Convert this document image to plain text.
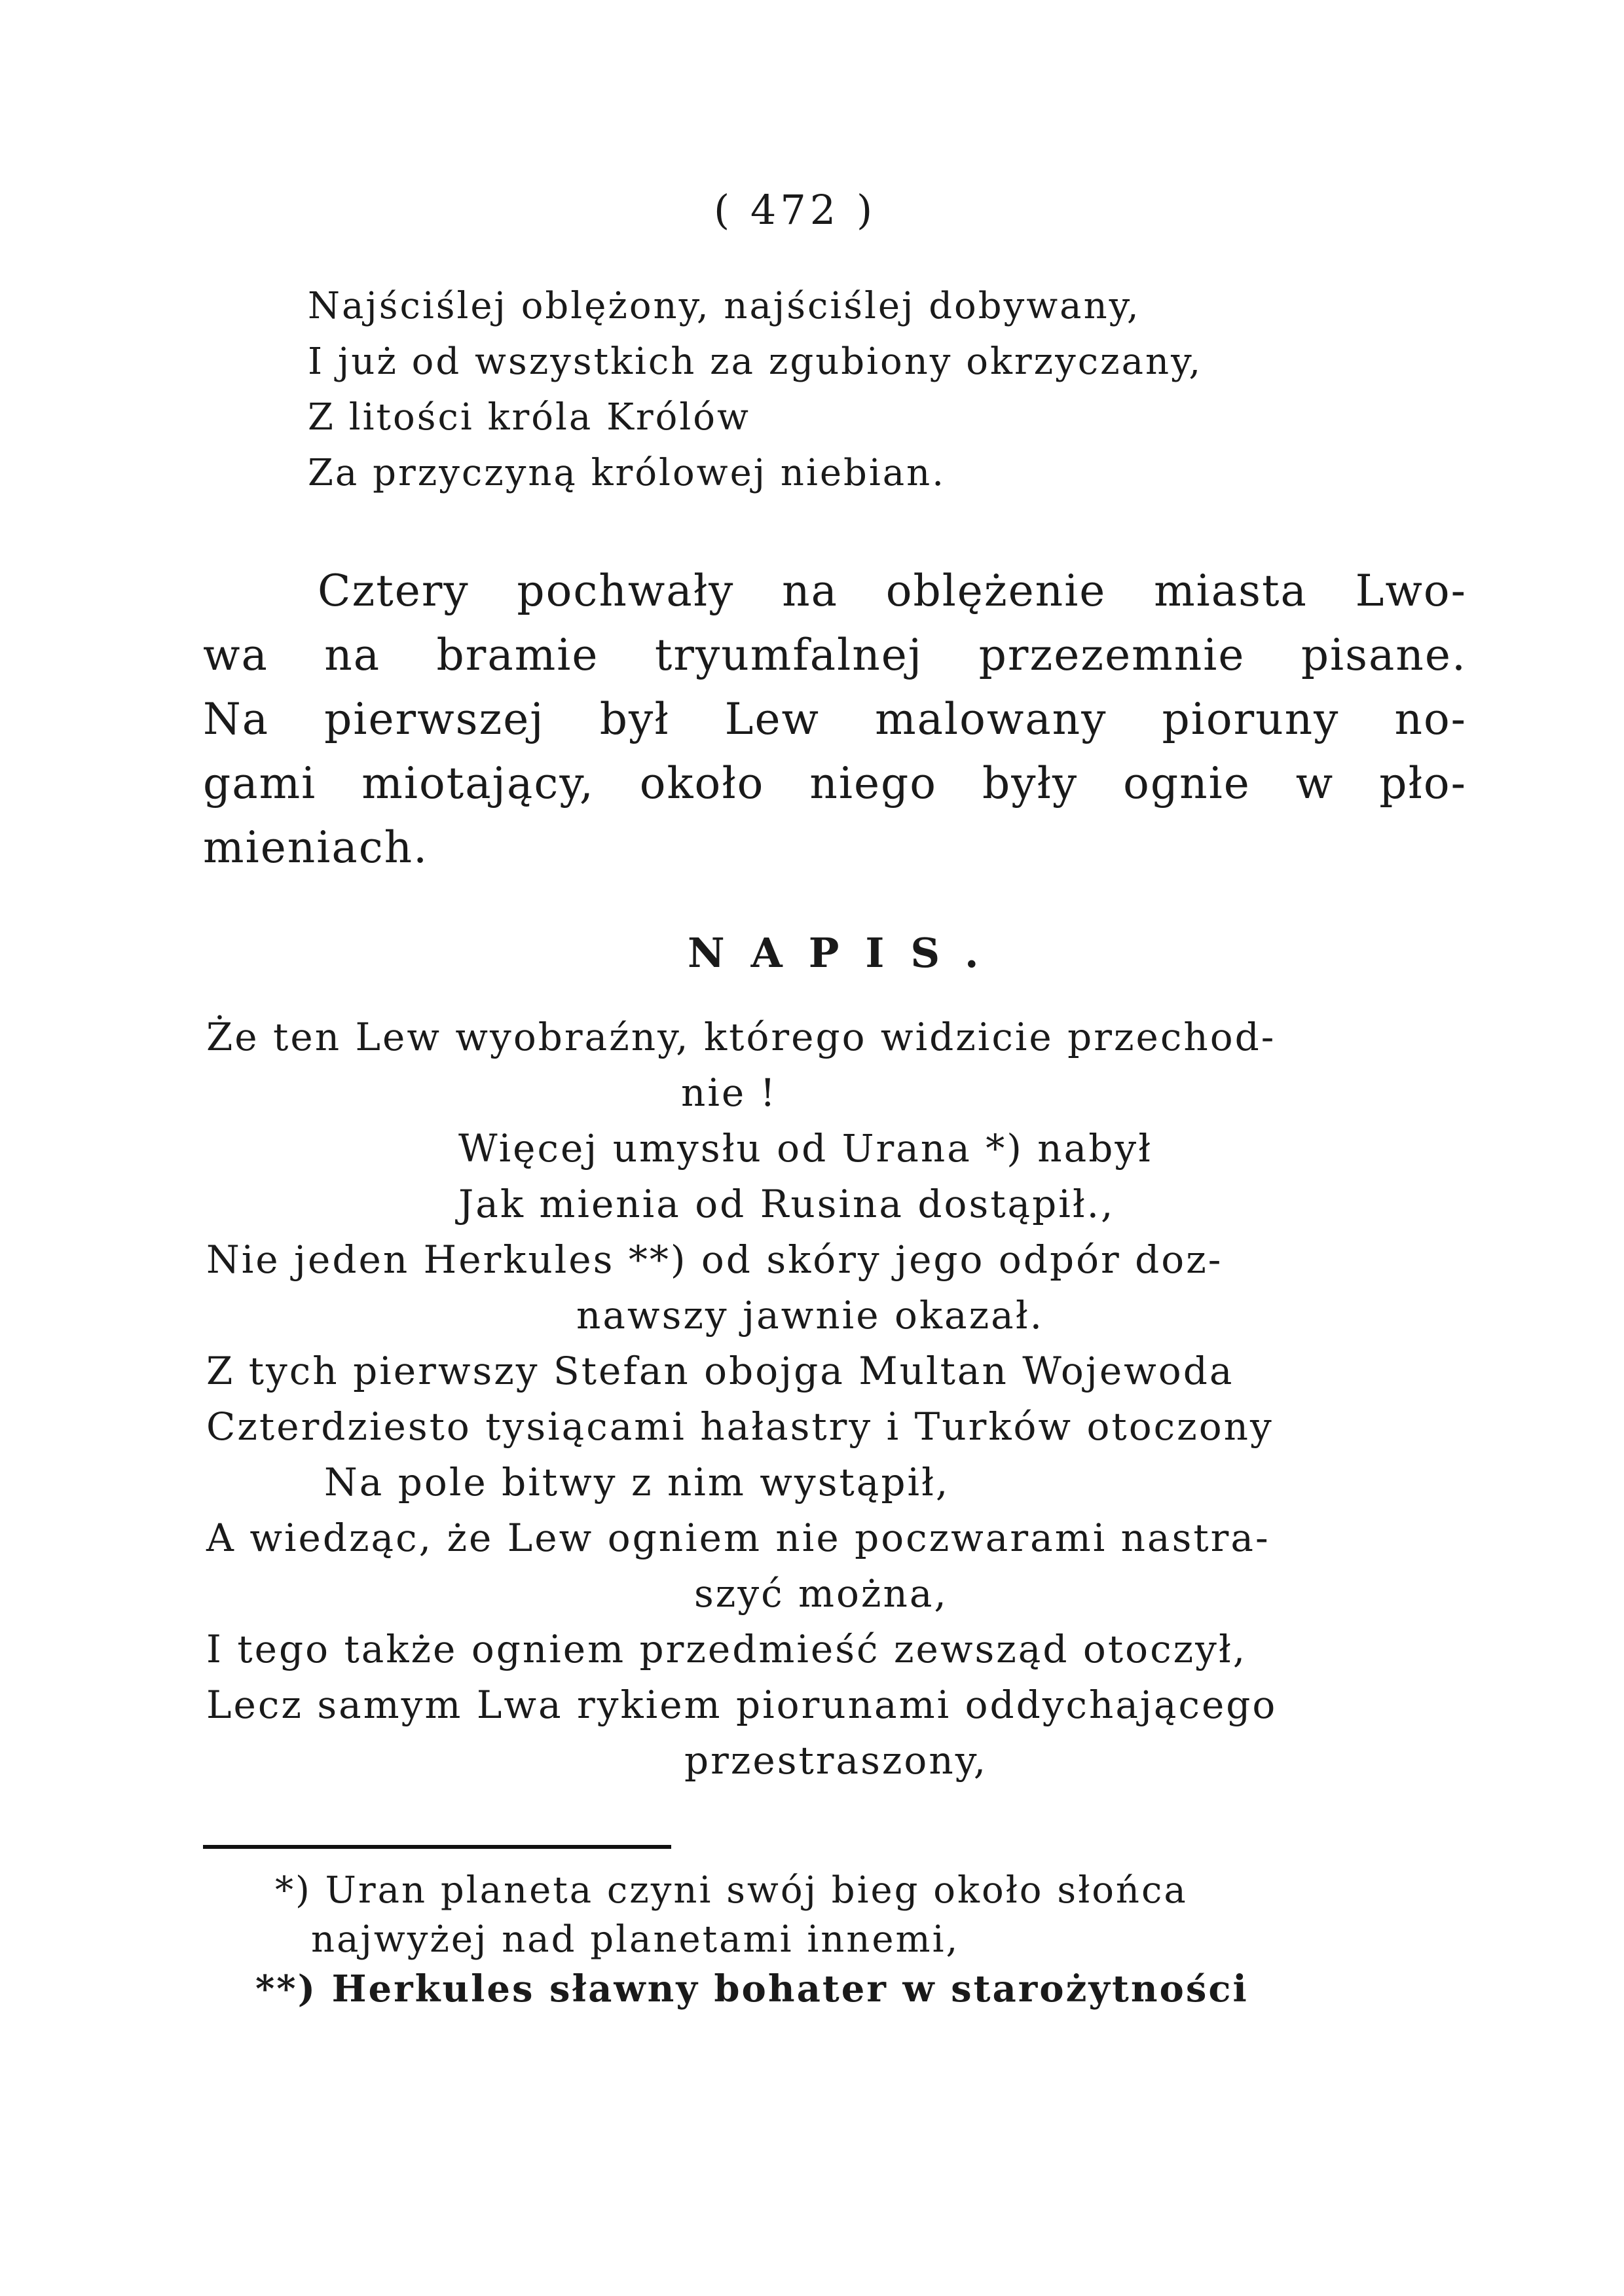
( 472 )
Najściślej oblężony, najściślej dobywany,
I już od wszystkich za zgubiony okrzyczany,
Z litości króla Królów
Za przyczyną królowej niebian.
Cztery pochwały na oblężenie miasta Lwo-
wa na bramie tryumfalnej przezemnie pisane.
Na pierwszej był Lew malowany pioruny no-
gami miotający, około niego były ognie w pło-
mieniach.
NAPIS.
Że ten Lew wyobraźny, którego widzicie przechod-
nie !
Więcej umysłu od Urana *) nabył
Jak mienia od Rusina dostąpił.,
Nie jeden Herkules **) od skóry jego odpór doz-
nawszy jawnie okazał.
Z tych pierwszy Stefan obojga Multan Wojewoda
Czterdziesto tysiącami hałastry i Turków otoczony
Na pole bitwy z nim wystąpił,
A wiedząc, że Lew ogniem nie poczwarami nastra-
szyć można,
I tego także ogniem przedmieść zewsząd otoczył,
Lecz samym Lwa rykiem piorunami oddychającego
przestraszony,
*) Uran planeta czyni swój bieg około słońca
najwyżej nad planetami innemi,
**) Herkules sławny bohater w starożytności
